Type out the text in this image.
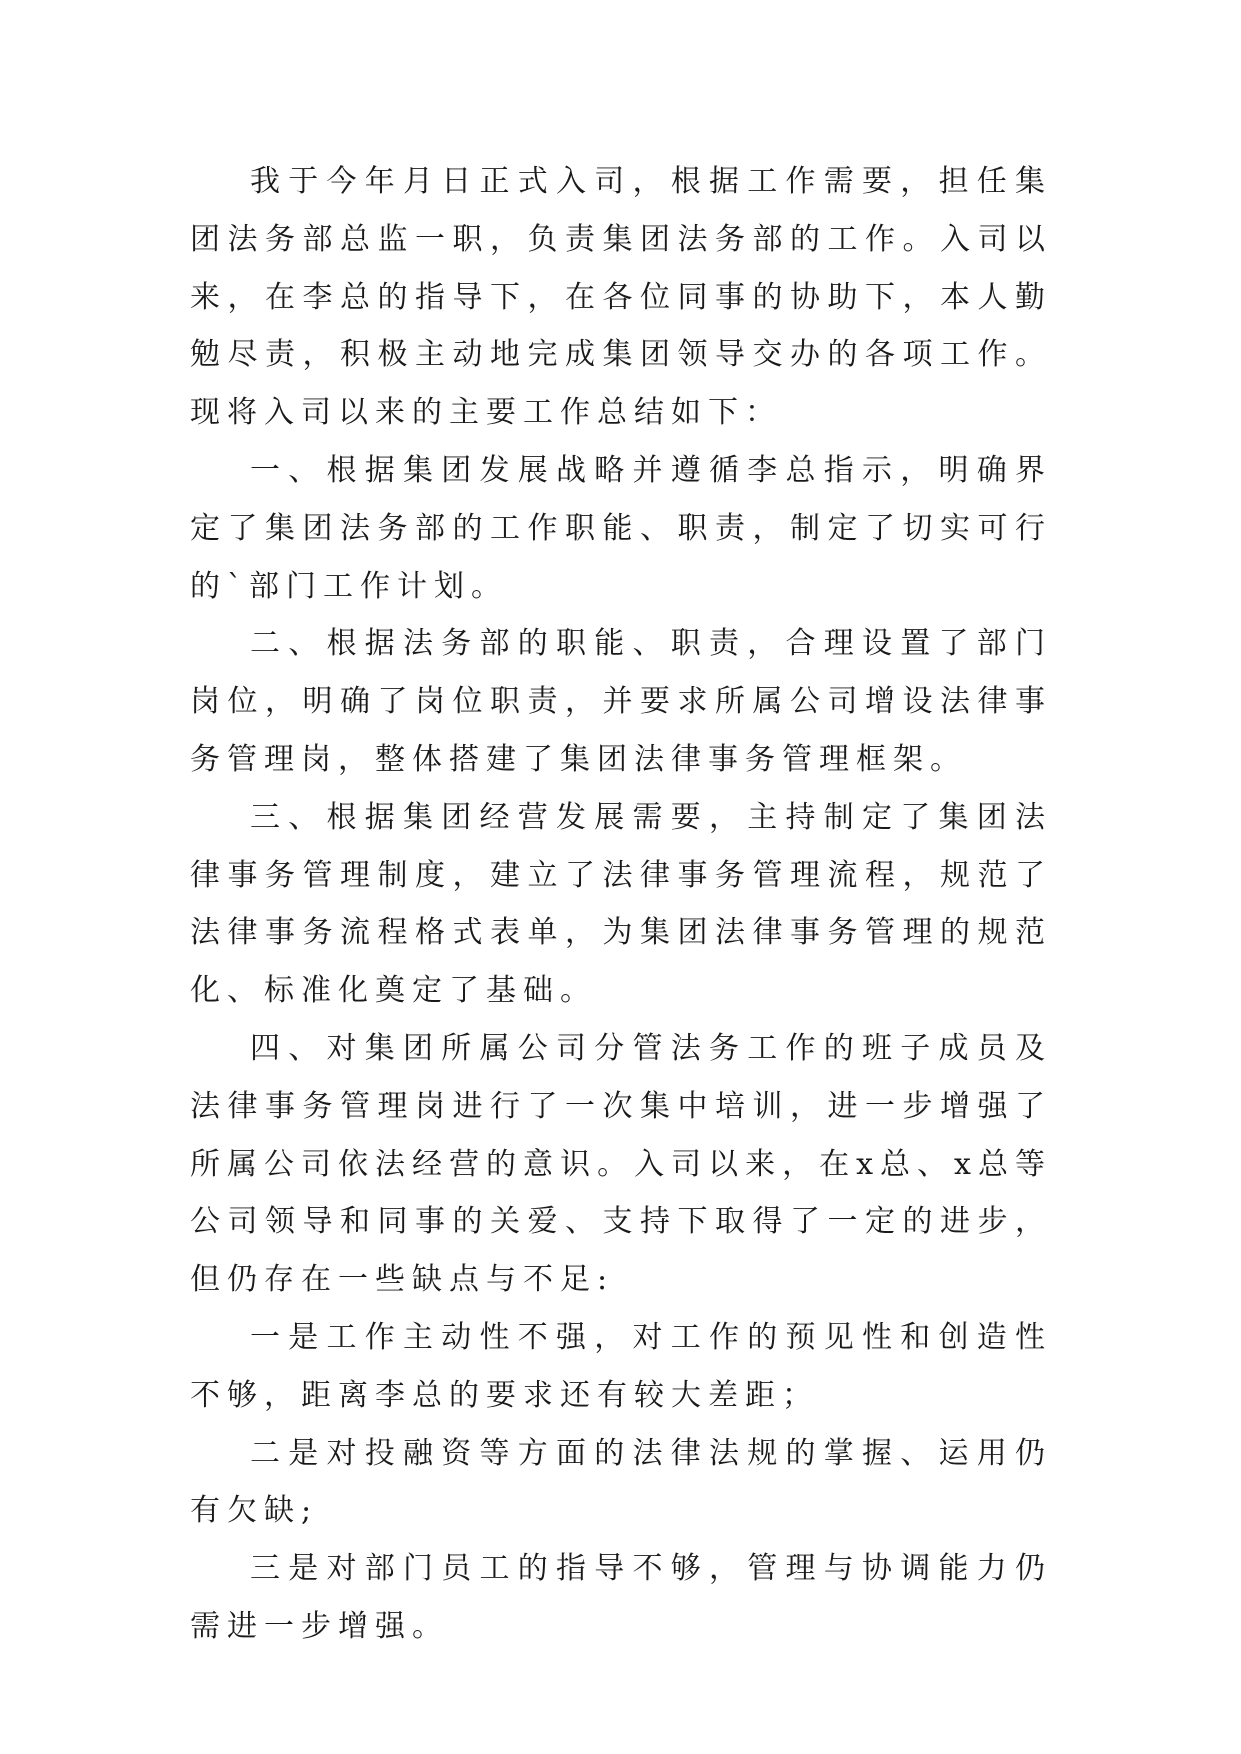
我于今年月日正式入司，根据工作需要，担任集团法务部总监一职，负责集团法务部的工作。入司以来，在李总的指导下，在各位同事的协助下，本人勤勉尽责，积极主动地完成集团领导交办的各项工作。现将入司以来的主要工作总结如下：

一、根据集团发展战略并遵循李总指示，明确界定了集团法务部的工作职能、职责，制定了切实可行的`部门工作计划。

二、根据法务部的职能、职责，合理设置了部门岗位，明确了岗位职责，并要求所属公司增设法律事务管理岗，整体搭建了集团法律事务管理框架。

三、根据集团经营发展需要，主持制定了集团法律事务管理制度，建立了法律事务管理流程，规范了法律事务流程格式表单，为集团法律事务管理的规范化、标准化奠定了基础。

四、对集团所属公司分管法务工作的班子成员及法律事务管理岗进行了一次集中培训，进一步增强了所属公司依法经营的意识。入司以来，在x总、x总等公司领导和同事的关爱、支持下取得了一定的进步，但仍存在一些缺点与不足:

一是工作主动性不强，对工作的预见性和创造性不够，距离李总的要求还有较大差距；

二是对投融资等方面的法律法规的掌握、运用仍有欠缺;

三是对部门员工的指导不够，管理与协调能力仍需进一步增强。
